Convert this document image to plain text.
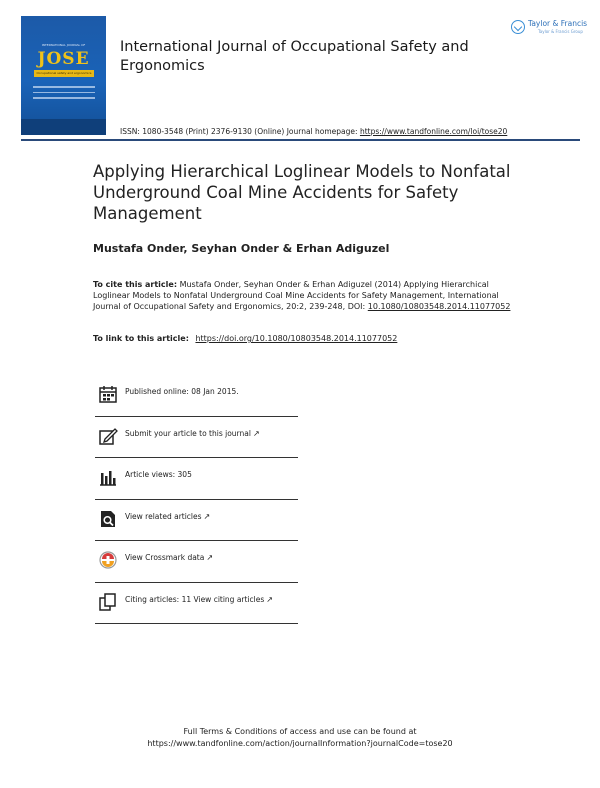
INTERNATIONAL JOURNAL OF
JOSE
Occupational safety and ergonomics
International Journal of Occupational Safety and Ergonomics
ISSN: 1080-3548 (Print) 2376-9130 (Online) Journal homepage: https://www.tandfonline.com/loi/tose20
Taylor & Francis
Taylor & Francis Group
Applying Hierarchical Loglinear Models to Nonfatal Underground Coal Mine Accidents for Safety Management
Mustafa Onder, Seyhan Onder & Erhan Adiguzel
To cite this article: Mustafa Onder, Seyhan Onder & Erhan Adiguzel (2014) Applying Hierarchical Loglinear Models to Nonfatal Underground Coal Mine Accidents for Safety Management, International Journal of Occupational Safety and Ergonomics, 20:2, 239-248, DOI: 10.1080/10803548.2014.11077052
To link to this article: https://doi.org/10.1080/10803548.2014.11077052
Published online: 08 Jan 2015.
Submit your article to this journal ↗
Article views: 305
View related articles ↗
View Crossmark data ↗
Citing articles: 11 View citing articles ↗
Full Terms & Conditions of access and use can be found at
https://www.tandfonline.com/action/journalInformation?journalCode=tose20
